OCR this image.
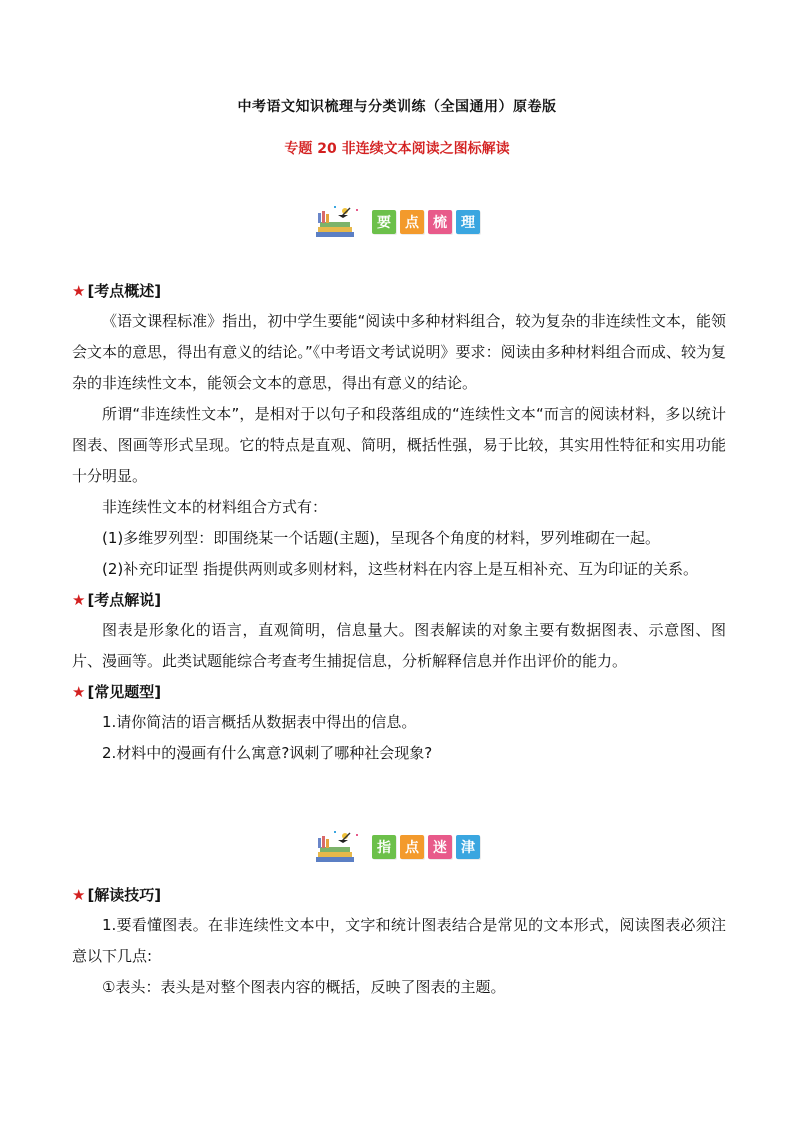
中考语文知识梳理与分类训练（全国通用）原卷版
专题 20 非连续文本阅读之图标解读
要	点	梳	理
★ [考点概述]

《语文课程标准》指出，初中学生要能“阅读中多种材料组合，较为复杂的非连续性文本，能领会文本的意思，得出有意义的结论。”《中考语文考试说明》要求：阅读由多种材料组合而成、较为复杂的非连续性文本，能领会文本的意思，得出有意义的结论。

所谓“非连续性文本”，是相对于以句子和段落组成的“连续性文本“而言的阅读材料，多以统计图表、图画等形式呈现。它的特点是直观、简明，概括性强，易于比较，其实用性特征和实用功能十分明显。

非连续性文本的材料组合方式有：

(1)多维罗列型：即围绕某一个话题(主题)，呈现各个角度的材料，罗列堆砌在一起。

(2)补充印证型 指提供两则或多则材料，这些材料在内容上是互相补充、互为印证的关系。

★ [考点解说]

图表是形象化的语言，直观简明，信息量大。图表解读的对象主要有数据图表、示意图、图片、漫画等。此类试题能综合考查考生捕捉信息，分析解释信息并作出评价的能力。

★ [常见题型]

1.请你简洁的语言概括从数据表中得出的信息。

2.材料中的漫画有什么寓意?讽刺了哪种社会现象?

指	点	迷	津
★ [解读技巧]

1.要看懂图表。在非连续性文本中，文字和统计图表结合是常见的文本形式，阅读图表必须注意以下几点:

①表头：表头是对整个图表内容的概括，反映了图表的主题。
